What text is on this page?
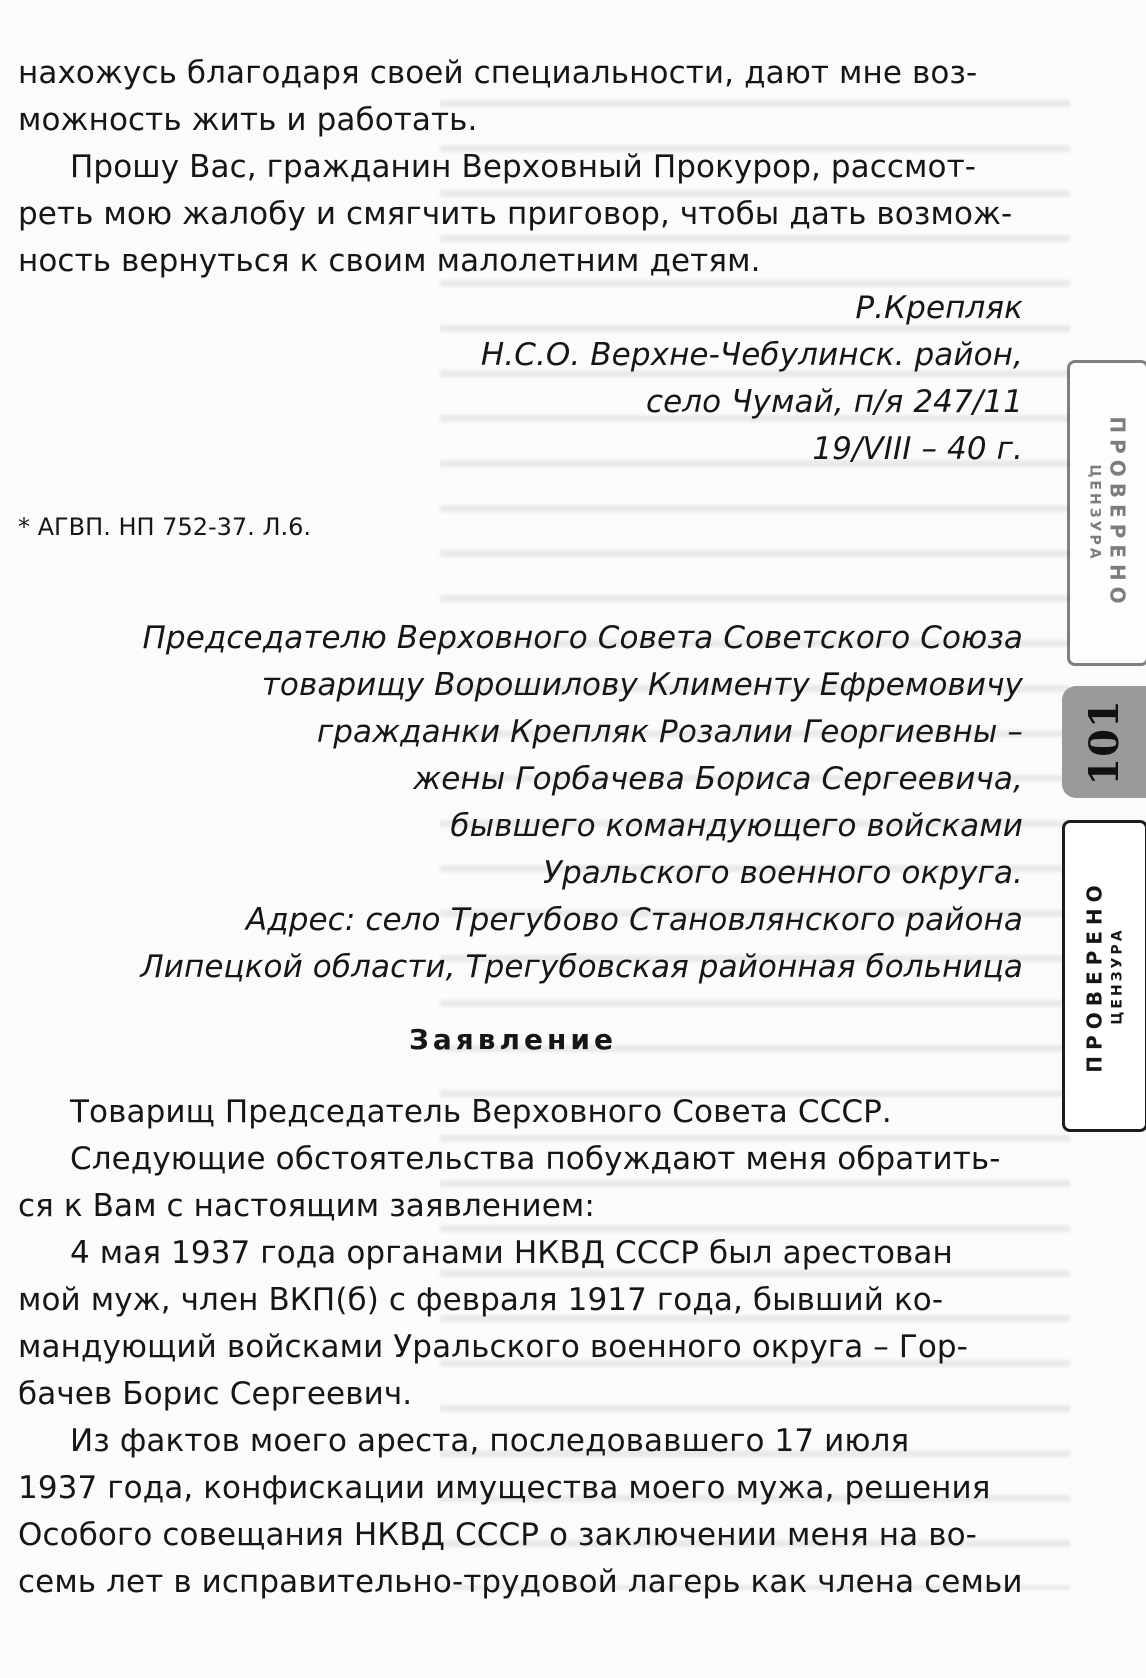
нахожусь благодаря своей специальности, дают мне воз-
можность жить и работать.
Прошу Вас, гражданин Верховный Прокурор, рассмот-
реть мою жалобу и смягчить приговор, чтобы дать возмож-
ность вернуться к своим малолетним детям.
Р.Крепляк
Н.С.О. Верхне-Чебулинск. район,
село Чумай, п/я 247/11
19/VIII – 40 г.
* АГВП. НП 752-37. Л.6.
Председателю Верховного Совета Советского Союза
товарищу Ворошилову Клименту Ефремовичу
гражданки Крепляк Розалии Георгиевны –
жены Горбачева Бориса Сергеевича,
бывшего командующего войсками
Уральского военного округа.
Адрес: село Трегубово Становлянского района
Липецкой области, Трегубовская районная больница
Заявление
Товарищ Председатель Верховного Совета СССР.
Следующие обстоятельства побуждают меня обратить-
ся к Вам с настоящим заявлением:
4 мая 1937 года органами НКВД СССР был арестован
мой муж, член ВКП(б) с февраля 1917 года, бывший ко-
мандующий войсками Уральского военного округа – Гор-
бачев Борис Сергеевич.
Из фактов моего ареста, последовавшего 17 июля
1937 года, конфискации имущества моего мужа, решения
Особого совещания НКВД СССР о заключении меня на во-
семь лет в исправительно-трудовой лагерь как члена семьи
ПРОВЕРЕНО
ЦЕНЗУРА
101
ПРОВЕРЕНО ЦЕНЗУРА
